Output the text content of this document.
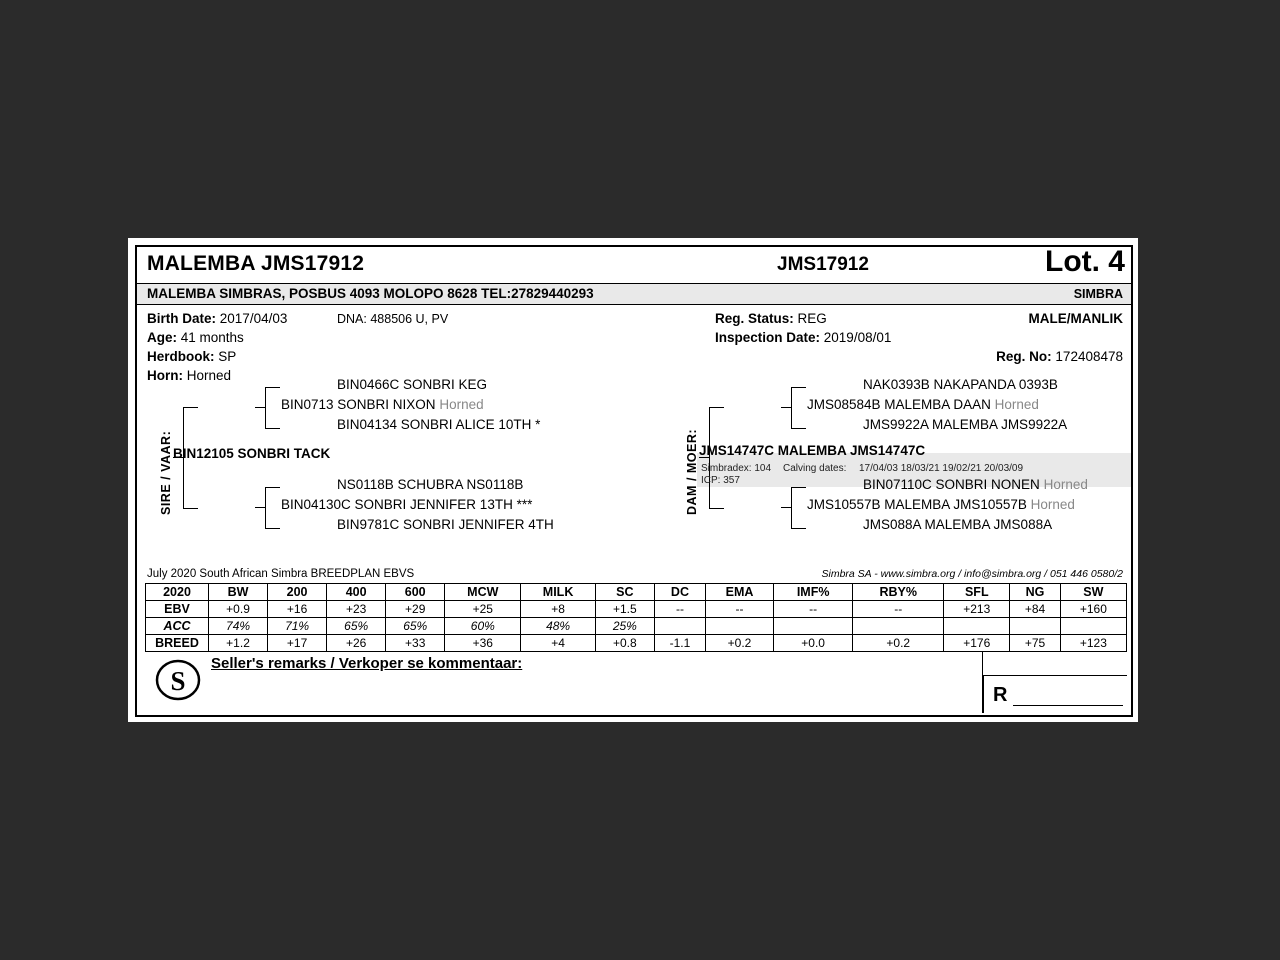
MALEMBA JMS17912	JMS17912	Lot. 4
MALEMBA SIMBRAS, POSBUS 4093 MOLOPO 8628 TEL:27829440293	SIMBRA
Birth Date: 2017/04/03	DNA: 488506 U, PV
Age: 41 months
Herdbook: SP
Horn: Horned
Reg. Status: REG
Inspection Date: 2019/08/01
MALE/MANLIK
Reg. No: 172408478
SIRE / VAAR:	DAM / MOER:
BIN12105 SONBRI TACK
BIN0713 SONBRI NIXON Horned
BIN04130C SONBRI JENNIFER 13TH ***
BIN0466C SONBRI KEG
BIN04134 SONBRI ALICE 10TH *
NS0118B SCHUBRA NS0118B
BIN9781C SONBRI JENNIFER 4TH
JMS14747C MALEMBA JMS14747C
Simbradex: 104 Calving dates: 17/04/03 18/03/21 19/02/21 20/03/09
ICP: 357
JMS08584B MALEMBA DAAN Horned
JMS10557B MALEMBA JMS10557B Horned
NAK0393B NAKAPANDA 0393B
JMS9922A MALEMBA JMS9922A
BIN07110C SONBRI NONEN Horned
JMS088A MALEMBA JMS088A
July 2020 South African Simbra BREEDPLAN EBVS	Simbra SA - www.simbra.org / info@simbra.org / 051 446 0580/2
2020	BW	200	400	600	MCW	MILK	SC	DC	EMA	IMF%	RBY%	SFL	NG	SW
EBV	+0.9	+16	+23	+29	+25	+8	+1.5	--	--	--	--	+213	+84	+160
ACC	74%	71%	65%	65%	60%	48%	25%							
BREED	+1.2	+17	+26	+33	+36	+4	+0.8	-1.1	+0.2	+0.0	+0.2	+176	+75	+123
S
Seller's remarks / Verkoper se kommentaar:
R
